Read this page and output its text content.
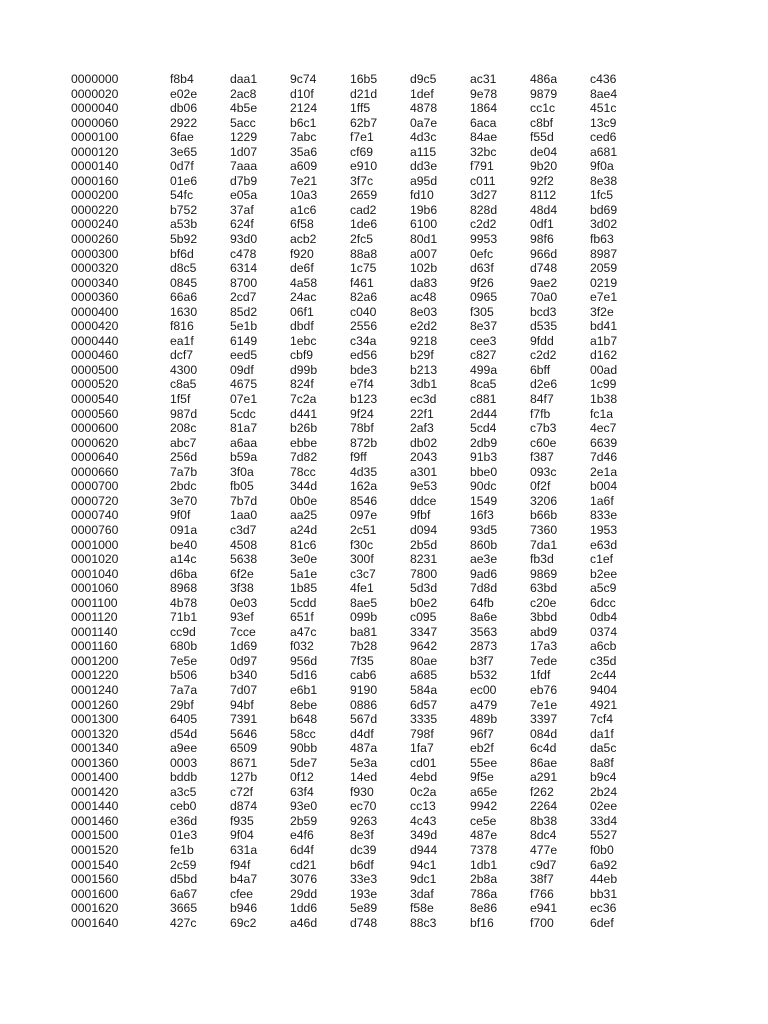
0000000	f8b4	daa1	9c74	16b5	d9c5	ac31	486a	c436
0000020	e02e	2ac8	d10f	d21d	1def	9e78	9879	8ae4
0000040	db06	4b5e	2124	1ff5	4878	1864	cc1c	451c
0000060	2922	5acc	b6c1	62b7	0a7e	6aca	c8bf	13c9
0000100	6fae	1229	7abc	f7e1	4d3c	84ae	f55d	ced6
0000120	3e65	1d07	35a6	cf69	a115	32bc	de04	a681
0000140	0d7f	7aaa	a609	e910	dd3e	f791	9b20	9f0a
0000160	01e6	d7b9	7e21	3f7c	a95d	c011	92f2	8e38
0000200	54fc	e05a	10a3	2659	fd10	3d27	8112	1fc5
0000220	b752	37af	a1c6	cad2	19b6	828d	48d4	bd69
0000240	a53b	624f	6f58	1de6	6100	c2d2	0df1	3d02
0000260	5b92	93d0	acb2	2fc5	80d1	9953	98f6	fb63
0000300	bf6d	c478	f920	88a8	a007	0efc	966d	8987
0000320	d8c5	6314	de6f	1c75	102b	d63f	d748	2059
0000340	0845	8700	4a58	f461	da83	9f26	9ae2	0219
0000360	66a6	2cd7	24ac	82a6	ac48	0965	70a0	e7e1
0000400	1630	85d2	06f1	c040	8e03	f305	bcd3	3f2e
0000420	f816	5e1b	dbdf	2556	e2d2	8e37	d535	bd41
0000440	ea1f	6149	1ebc	c34a	9218	cee3	9fdd	a1b7
0000460	dcf7	eed5	cbf9	ed56	b29f	c827	c2d2	d162
0000500	4300	09df	d99b	bde3	b213	499a	6bff	00ad
0000520	c8a5	4675	824f	e7f4	3db1	8ca5	d2e6	1c99
0000540	1f5f	07e1	7c2a	b123	ec3d	c881	84f7	1b38
0000560	987d	5cdc	d441	9f24	22f1	2d44	f7fb	fc1a
0000600	208c	81a7	b26b	78bf	2af3	5cd4	c7b3	4ec7
0000620	abc7	a6aa	ebbe	872b	db02	2db9	c60e	6639
0000640	256d	b59a	7d82	f9ff	2043	91b3	f387	7d46
0000660	7a7b	3f0a	78cc	4d35	a301	bbe0	093c	2e1a
0000700	2bdc	fb05	344d	162a	9e53	90dc	0f2f	b004
0000720	3e70	7b7d	0b0e	8546	ddce	1549	3206	1a6f
0000740	9f0f	1aa0	aa25	097e	9fbf	16f3	b66b	833e
0000760	091a	c3d7	a24d	2c51	d094	93d5	7360	1953
0001000	be40	4508	81c6	f30c	2b5d	860b	7da1	e63d
0001020	a14c	5638	3e0e	300f	8231	ae3e	fb3d	c1ef
0001040	d6ba	6f2e	5a1e	c3c7	7800	9ad6	9869	b2ee
0001060	8968	3f38	1b85	4fe1	5d3d	7d8d	63bd	a5c9
0001100	4b78	0e03	5cdd	8ae5	b0e2	64fb	c20e	6dcc
0001120	71b1	93ef	651f	099b	c095	8a6e	3bbd	0db4
0001140	cc9d	7cce	a47c	ba81	3347	3563	abd9	0374
0001160	680b	1d69	f032	7b28	9642	2873	17a3	a6cb
0001200	7e5e	0d97	956d	7f35	80ae	b3f7	7ede	c35d
0001220	b506	b340	5d16	cab6	a685	b532	1fdf	2c44
0001240	7a7a	7d07	e6b1	9190	584a	ec00	eb76	9404
0001260	29bf	94bf	8ebe	0886	6d57	a479	7e1e	4921
0001300	6405	7391	b648	567d	3335	489b	3397	7cf4
0001320	d54d	5646	58cc	d4df	798f	96f7	084d	da1f
0001340	a9ee	6509	90bb	487a	1fa7	eb2f	6c4d	da5c
0001360	0003	8671	5de7	5e3a	cd01	55ee	86ae	8a8f
0001400	bddb	127b	0f12	14ed	4ebd	9f5e	a291	b9c4
0001420	a3c5	c72f	63f4	f930	0c2a	a65e	f262	2b24
0001440	ceb0	d874	93e0	ec70	cc13	9942	2264	02ee
0001460	e36d	f935	2b59	9263	4c43	ce5e	8b38	33d4
0001500	01e3	9f04	e4f6	8e3f	349d	487e	8dc4	5527
0001520	fe1b	631a	6d4f	dc39	d944	7378	477e	f0b0
0001540	2c59	f94f	cd21	b6df	94c1	1db1	c9d7	6a92
0001560	d5bd	b4a7	3076	33e3	9dc1	2b8a	38f7	44eb
0001600	6a67	cfee	29dd	193e	3daf	786a	f766	bb31
0001620	3665	b946	1dd6	5e89	f58e	8e86	e941	ec36
0001640	427c	69c2	a46d	d748	88c3	bf16	f700	6def
